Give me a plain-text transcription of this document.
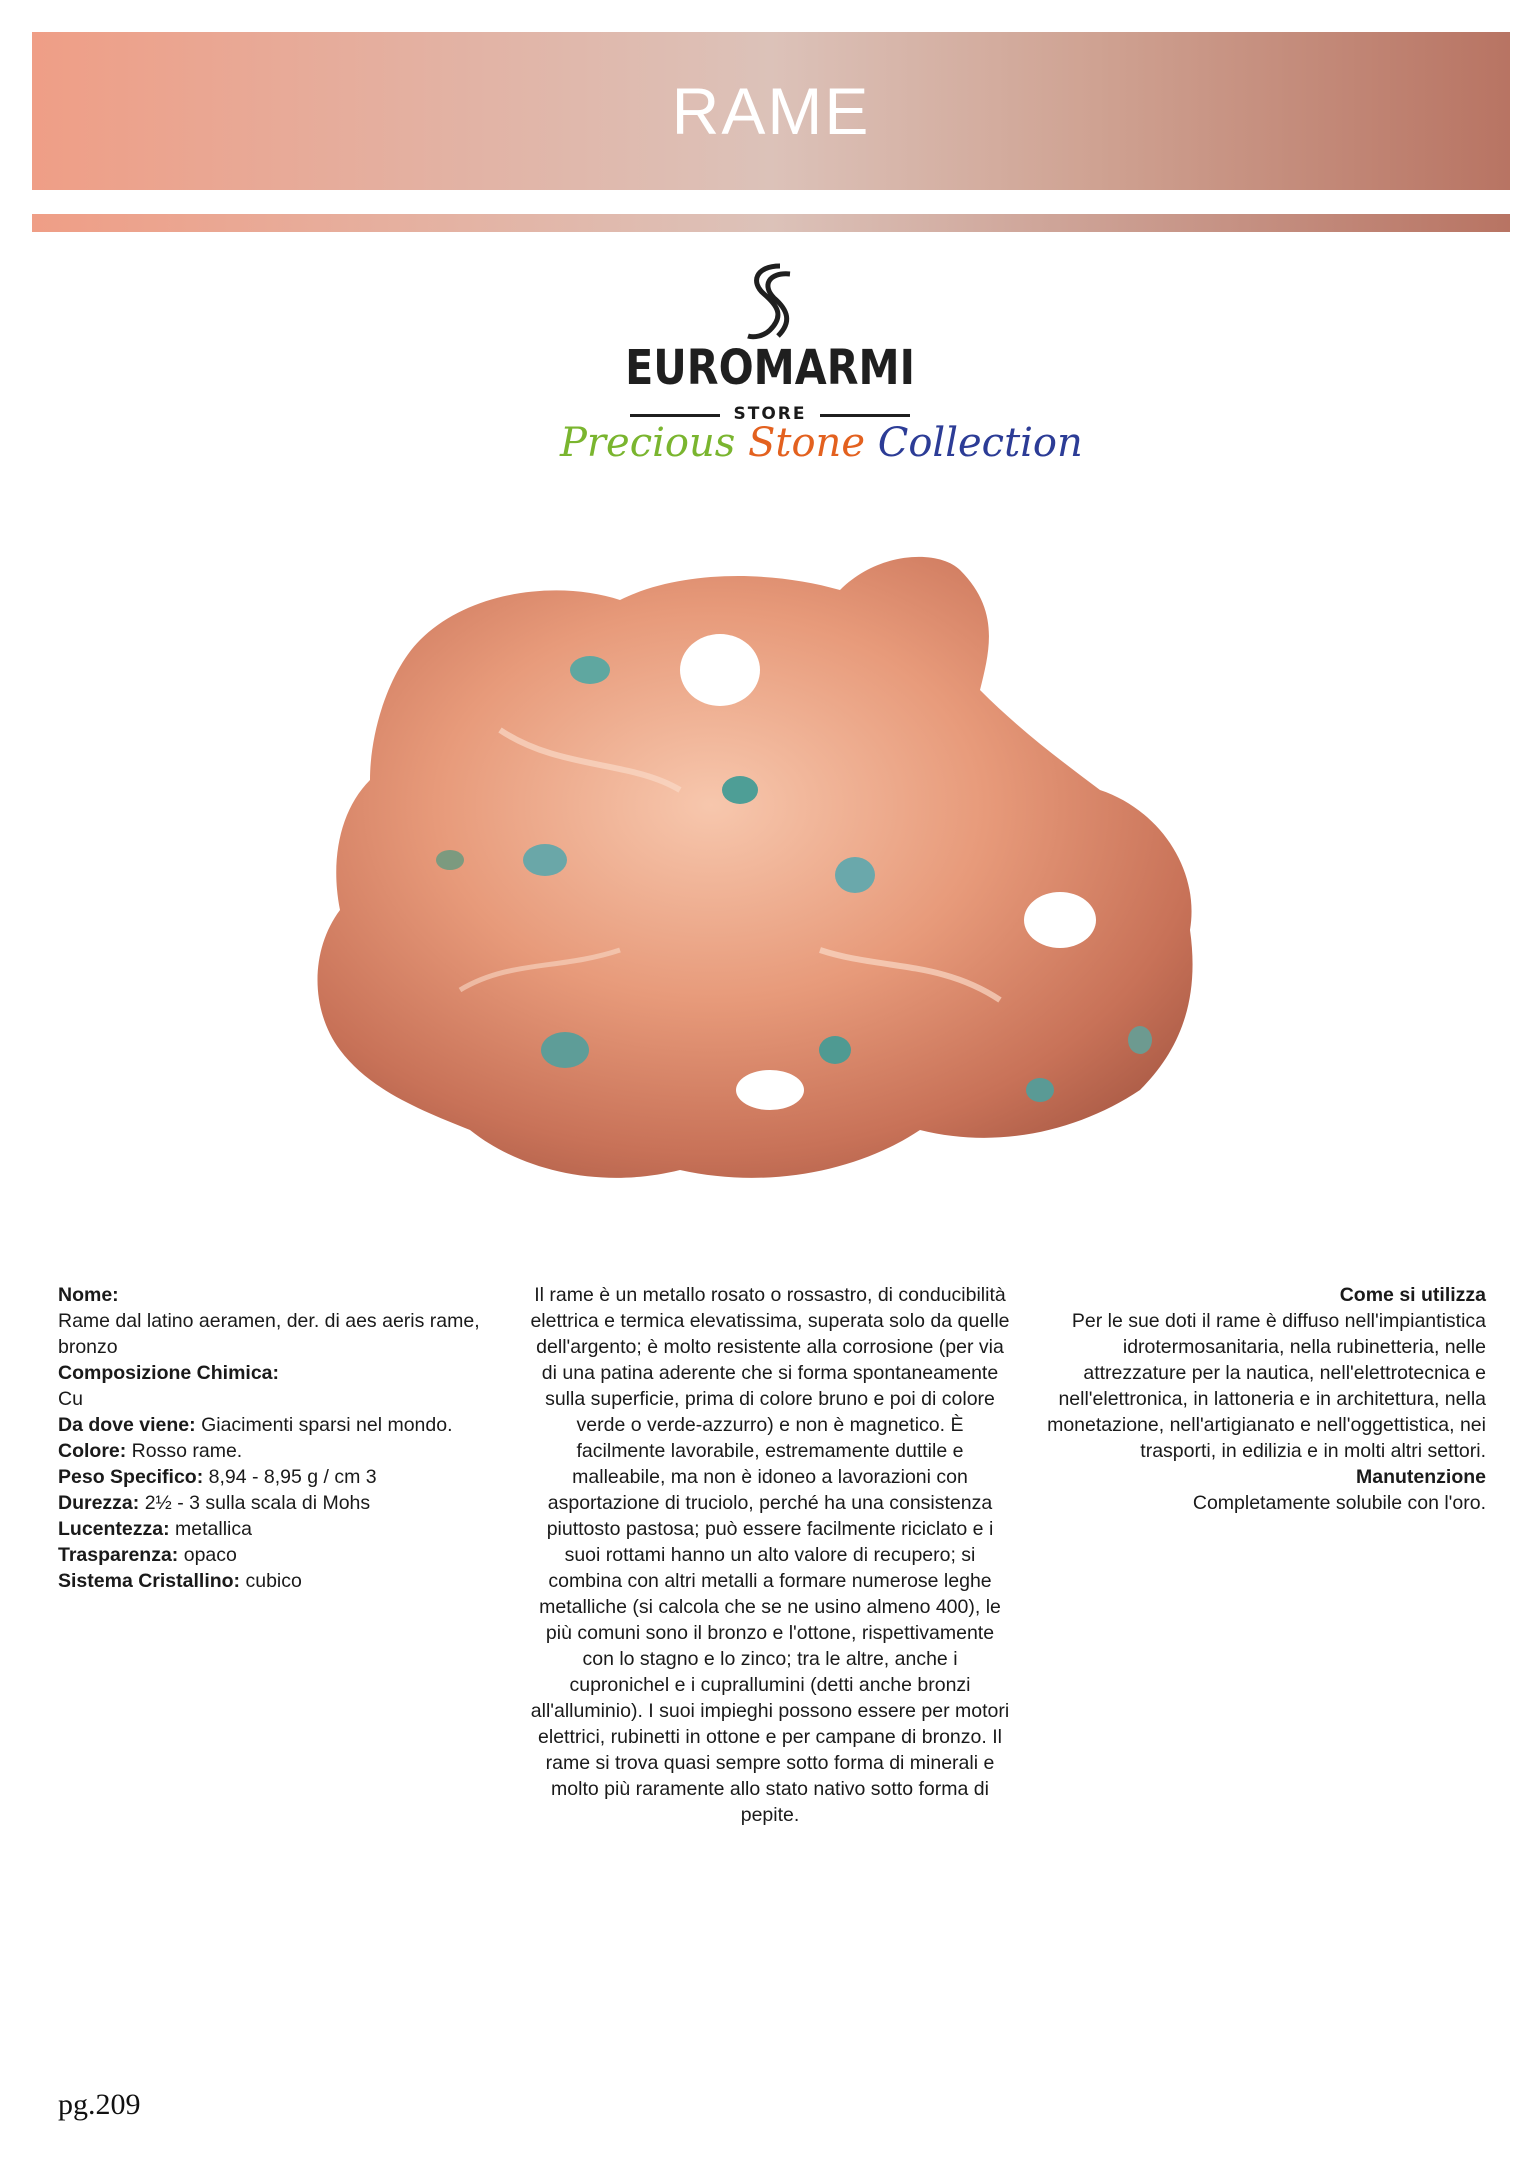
RAME
EUROMARMI
STORE
Precious Stone Collection
Nome:
Rame dal latino aeramen, der. di aes aeris rame, bronzo
Composizione Chimica:
Cu
Da dove viene: Giacimenti sparsi nel mondo.
Colore: Rosso rame.
Peso Specifico: 8,94 - 8,95 g / cm 3
Durezza: 2½ - 3 sulla scala di Mohs
Lucentezza: metallica
Trasparenza: opaco
Sistema Cristallino: cubico
Il rame è un metallo rosato o rossastro, di conducibilità elettrica e termica elevatissima, superata solo da quelle dell'argento; è molto resistente alla corrosione (per via di una patina aderente che si forma spontaneamente sulla superficie, prima di colore bruno e poi di colore verde o verde-azzurro) e non è magnetico. È facilmente lavorabile, estremamente duttile e malleabile, ma non è idoneo a lavorazioni con asportazione di truciolo, perché ha una consistenza piuttosto pastosa; può essere facilmente riciclato e i suoi rottami hanno un alto valore di recupero; si combina con altri metalli a formare numerose leghe metalliche (si calcola che se ne usino almeno 400), le più comuni sono il bronzo e l'ottone, rispettivamente con lo stagno e lo zinco; tra le altre, anche i cupronichel e i cuprallumini (detti anche bronzi all'alluminio). I suoi impieghi possono essere per motori elettrici, rubinetti in ottone e per campane di bronzo. Il rame si trova quasi sempre sotto forma di minerali e molto più raramente allo stato nativo sotto forma di pepite.
Come si utilizza
Per le sue doti il rame è diffuso nell'impiantistica idrotermosanitaria, nella rubinetteria, nelle attrezzature per la nautica, nell'elettrotecnica e nell'elettronica, in lattoneria e in architettura, nella monetazione, nell'artigianato e nell'oggettistica, nei trasporti, in edilizia e in molti altri settori.
Manutenzione
Completamente solubile con l'oro.
pg.209
